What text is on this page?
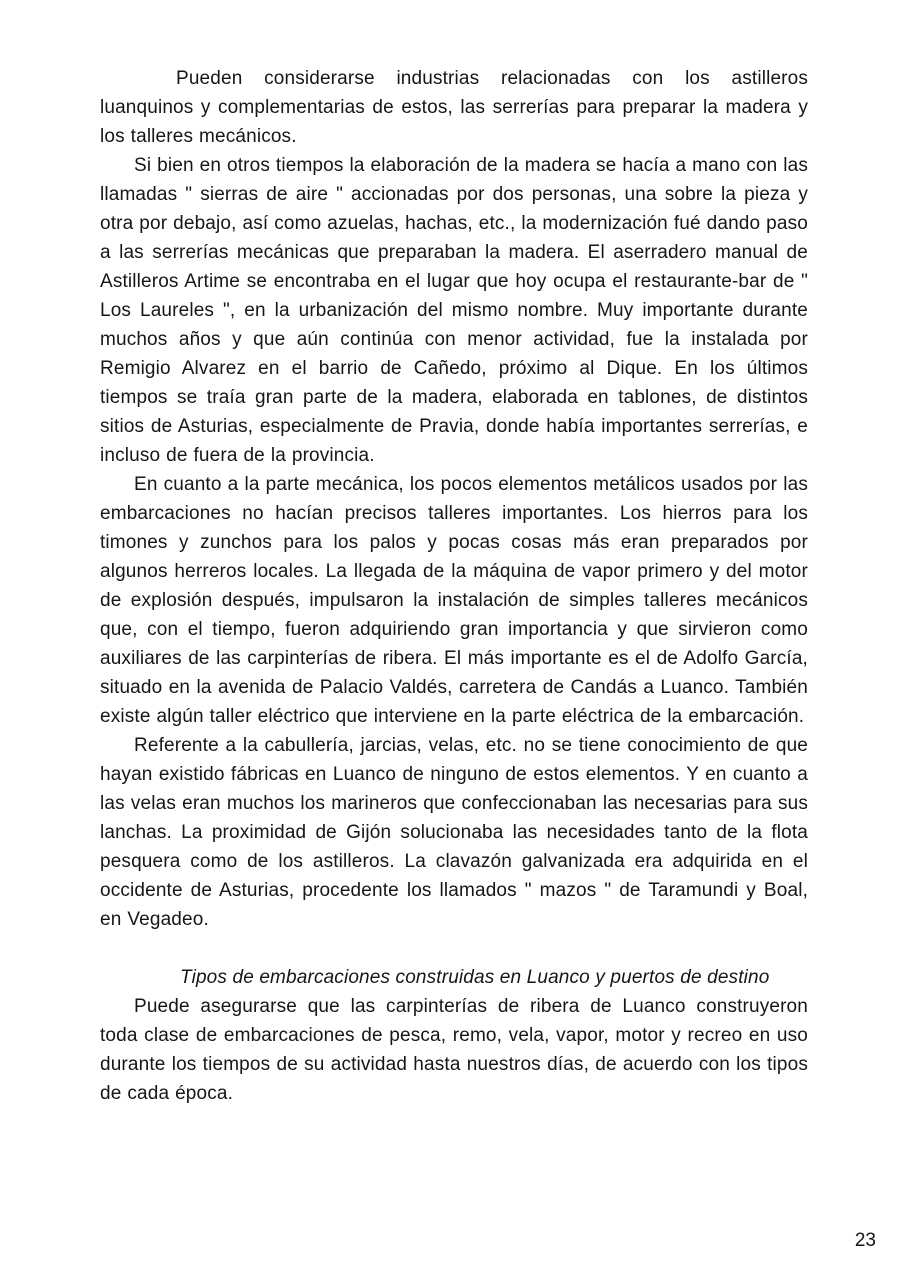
Pueden considerarse industrias relacionadas con los astilleros luanquinos y complementarias de estos, las serrerías para preparar la madera y los talleres mecánicos.

Si bien en otros tiempos la elaboración de la madera se hacía a mano con las llamadas " sierras de aire " accionadas por dos personas, una sobre la pieza y otra por debajo, así como azuelas, hachas, etc., la modernización fué dando paso a las serrerías mecánicas que preparaban la madera. El aserradero manual de Astilleros Artime se encontraba en el lugar que hoy ocupa el restaurante-bar de " Los Laureles ", en la urbanización del mismo nombre. Muy importante durante muchos años y que aún continúa con menor actividad, fue la instalada por Remigio Alvarez en el barrio de Cañedo, próximo al Dique. En los últimos tiempos se traía gran parte de la madera, elaborada en tablones, de distintos sitios de Asturias, especialmente de Pravia, donde había importantes serrerías, e incluso de fuera de la provincia.

En cuanto a la parte mecánica, los pocos elementos metálicos usados por las embarcaciones no hacían precisos talleres importantes. Los hierros para los timones y zunchos para los palos y pocas cosas más eran preparados por algunos herreros locales. La llegada de la máquina de vapor primero y del motor de explosión después, impulsaron la instalación de simples talleres mecánicos que, con el tiempo, fueron adquiriendo gran importancia y que sirvieron como auxiliares de las carpinterías de ribera. El más importante es el de Adolfo García, situado en la avenida de Palacio Valdés, carretera de Candás a Luanco. También existe algún taller eléctrico que interviene en la parte eléctrica de la embarcación.

Referente a la cabullería, jarcias, velas, etc. no se tiene conocimiento de que hayan existido fábricas en Luanco de ninguno de estos elementos. Y en cuanto a las velas eran muchos los marineros que confeccionaban las necesarias para sus lanchas. La proximidad de Gijón solucionaba las necesidades tanto de la flota pesquera como de los astilleros. La clavazón galvanizada era adquirida en el occidente de Asturias, procedente los llamados " mazos " de Taramundi y Boal, en Vegadeo.

Tipos de embarcaciones construidas en Luanco y puertos de destino

Puede asegurarse que las carpinterías de ribera de Luanco construyeron toda clase de embarcaciones de pesca, remo, vela, vapor, motor y recreo en uso durante los tiempos de su actividad hasta nuestros días, de acuerdo con los tipos de cada época.

23
